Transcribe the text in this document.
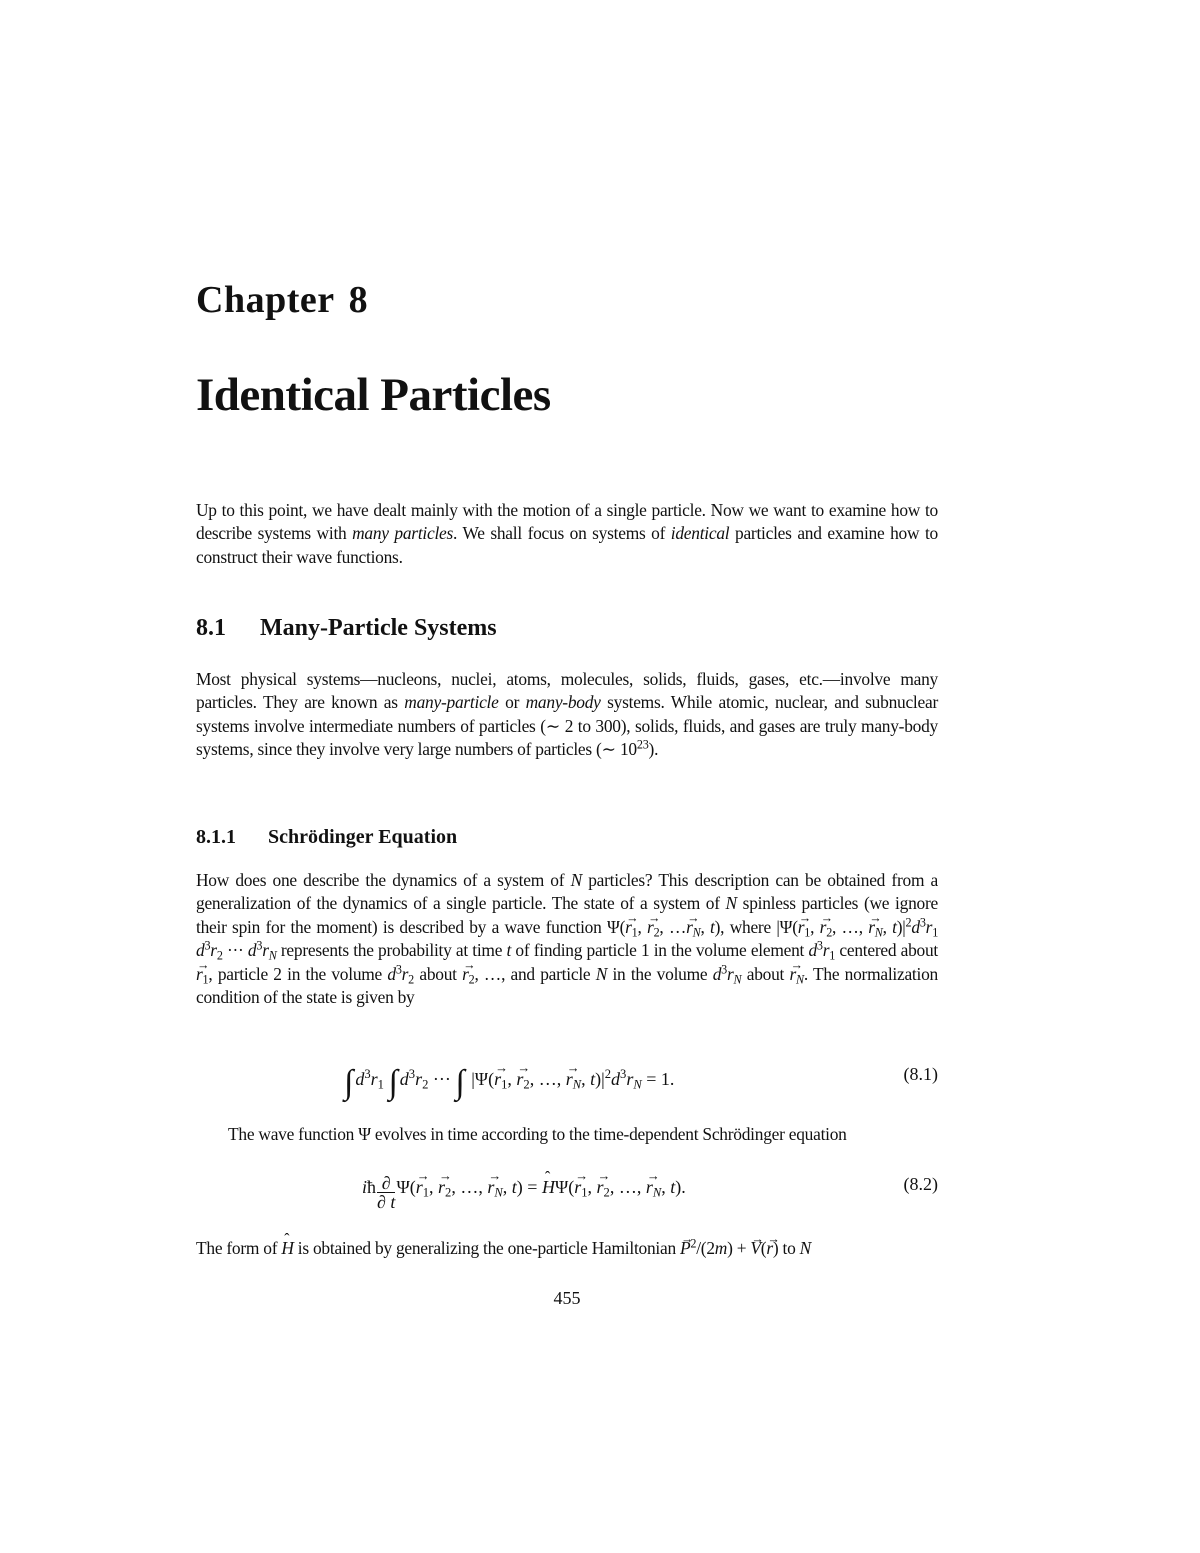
Chapter 8
Identical Particles

Up to this point, we have dealt mainly with the motion of a single particle. Now we want to examine how to describe systems with many particles. We shall focus on systems of identical particles and examine how to construct their wave functions.

8.1 Many-Particle Systems

Most physical systems—nucleons, nuclei, atoms, molecules, solids, fluids, gases, etc.—involve many particles. They are known as many-particle or many-body systems. While atomic, nuclear, and subnuclear systems involve intermediate numbers of particles (∼ 2 to 300), solids, fluids, and gases are truly many-body systems, since they involve very large numbers of particles (∼ $10^{23}$).

8.1.1 Schrödinger Equation

How does one describe the dynamics of a system of N particles? This description can be obtained from a generalization of the dynamics of a single particle. The state of a system of N spinless particles (we ignore their spin for the moment) is described by a wave function $\Psi(\to r_1$, → $r_2$, …→ $r_N$, t), where $|\Psi(\to r_1$, → $r_2$, …, → $r_N$, $t)|^2d^3r_1$ $d^3r_2$ ··· $d^3r_N$ represents the probability at time t of finding particle 1 in the volume element $d^3r_1$ centered about → $r_1$, particle 2 in the volume $d^3r_2$ about → $r_2$, …, and particle N in the volume $d^3r_N$ about → $r_N$. The normalization condition of the state is given by

∫ $d^3r_1$ ∫ $d^3r_2$ ··· ∫ $|\Psi(\to r_1$, → $r_2$, …, → $r_N$, $t)|^2d^3r_N = 1$.	(8.1)

The wave function Ψ evolves in time according to the time-dependent Schrödinger equation

iħ $\frac{\partial}{\partial t} \Psi(\to r_1$, → $r_2$, …, → $r_N$, t) = ˆ $H\Psi(\to r_1$, → $r_2$, …, → $r_N$, t).	(8.2)

The form of ˆ H is obtained by generalizing the one-particle Hamiltonian → $P^2/(2m)$ + → V(→ r) to N

455
